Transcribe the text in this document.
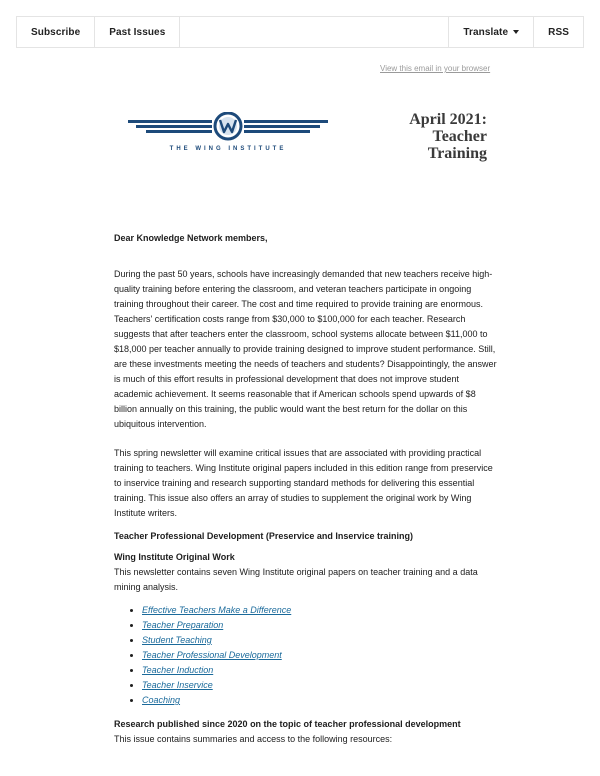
Subscribe	Past Issues	Translate	RSS
View this email in your browser
THE WING INSTITUTE
April 2021:
Teacher
Training

Dear Knowledge Network members,

During the past 50 years, schools have increasingly demanded that new teachers receive high-quality training before entering the classroom, and veteran teachers participate in ongoing training throughout their career. The cost and time required to provide training are enormous. Teachers' certification costs range from $30,000 to $100,000 for each teacher. Research suggests that after teachers enter the classroom, school systems allocate between $11,000 to $18,000 per teacher annually to provide training designed to improve student performance. Still, are these investments meeting the needs of teachers and students? Disappointingly, the answer is much of this effort results in professional development that does not improve student academic achievement. It seems reasonable that if American schools spend upwards of $8 billion annually on this training, the public would want the best return for the dollar on this ubiquitous intervention.

This spring newsletter will examine critical issues that are associated with providing practical training to teachers. Wing Institute original papers included in this edition range from preservice to inservice training and research supporting standard methods for delivering this essential training. This issue also offers an array of studies to supplement the original work by Wing Institute writers.

Teacher Professional Development (Preservice and Inservice training)

Wing Institute Original Work

This newsletter contains seven Wing Institute original papers on teacher training and a data mining analysis.

• Effective Teachers Make a Difference
• Teacher Preparation
• Student Teaching
• Teacher Professional Development
• Teacher Induction
• Teacher Inservice
• Coaching

Research published since 2020 on the topic of teacher professional development

This issue contains summaries and access to the following resources:
